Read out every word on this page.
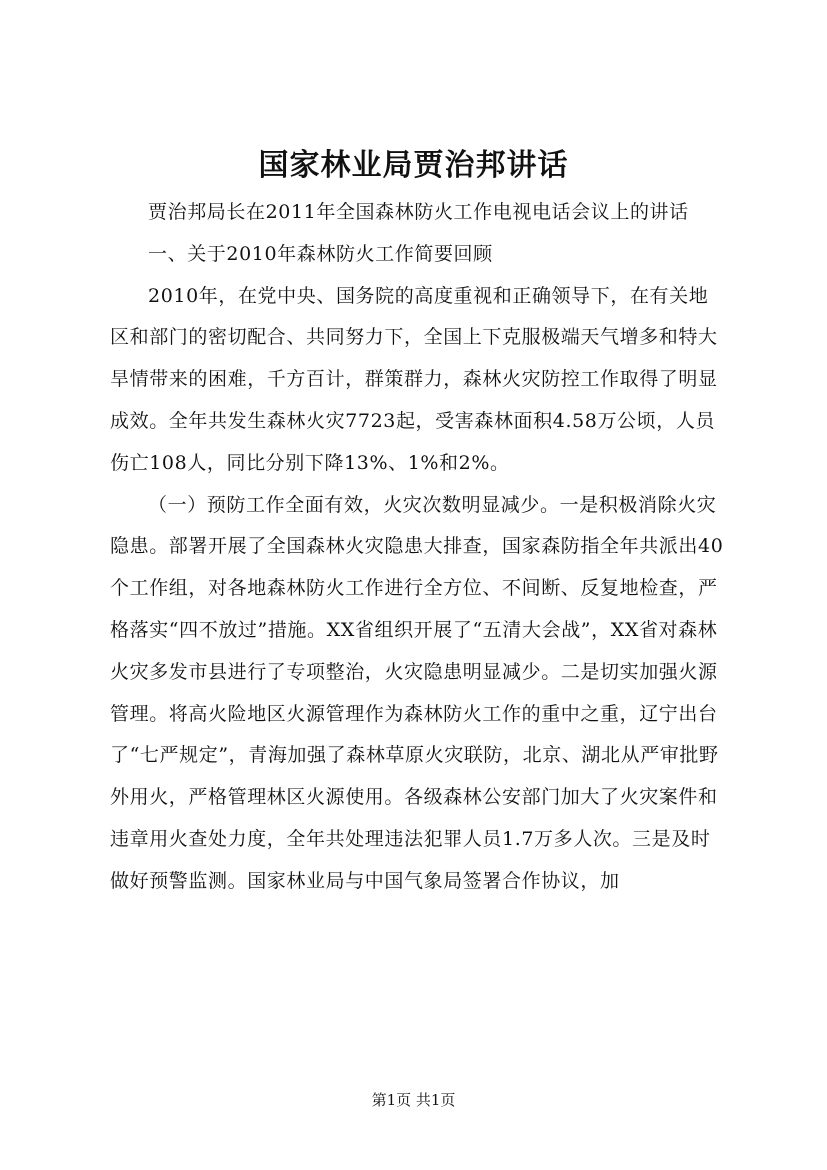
国家林业局贾治邦讲话

贾治邦局长在2011年全国森林防火工作电视电话会议上的讲话

一、关于2010年森林防火工作简要回顾

2010年，在党中央、国务院的高度重视和正确领导下，在有关地区和部门的密切配合、共同努力下，全国上下克服极端天气增多和特大旱情带来的困难，千方百计，群策群力，森林火灾防控工作取得了明显成效。全年共发生森林火灾7723起，受害森林面积4.58万公顷，人员伤亡108人，同比分别下降13%、1%和2%。

（一）预防工作全面有效，火灾次数明显减少。一是积极消除火灾隐患。部署开展了全国森林火灾隐患大排查，国家森防指全年共派出40个工作组，对各地森林防火工作进行全方位、不间断、反复地检查，严格落实“四不放过”措施。XX省组织开展了“五清大会战”，XX省对森林火灾多发市县进行了专项整治，火灾隐患明显减少。二是切实加强火源管理。将高火险地区火源管理作为森林防火工作的重中之重，辽宁出台了“七严规定”，青海加强了森林草原火灾联防，北京、湖北从严审批野外用火，严格管理林区火源使用。各级森林公安部门加大了火灾案件和违章用火查处力度，全年共处理违法犯罪人员1.7万多人次。三是及时做好预警监测。国家林业局与中国气象局签署合作协议，加

第1页 共1页
